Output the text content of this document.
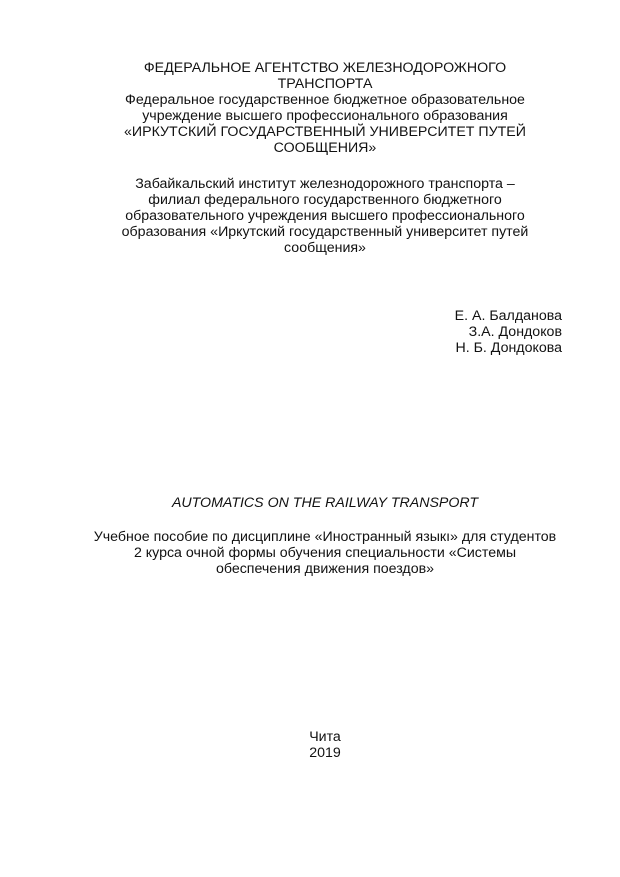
ФЕДЕРАЛЬНОЕ АГЕНТСТВО ЖЕЛЕЗНОДОРОЖНОГО
ТРАНСПОРТА
Федеральное государственное бюджетное образовательное
учреждение высшего профессионального образования
«ИРКУТСКИЙ ГОСУДАРСТВЕННЫЙ УНИВЕРСИТЕТ ПУТЕЙ
СООБЩЕНИЯ»
Забайкальский институт железнодорожного транспорта –
филиал федерального государственного бюджетного
образовательного учреждения высшего профессионального
образования «Иркутский государственный университет путей
сообщения»
Е. А. Балданова
З.А. Дондоков
Н. Б. Дондокова
AUTOMATICS ON THE RAILWAY TRANSPORT
Учебное пособие по дисциплине «Иностранный языкı» для студентов
2 курса очной формы обучения специальности «Системы
обеспечения движения поездов»
Чита
2019
